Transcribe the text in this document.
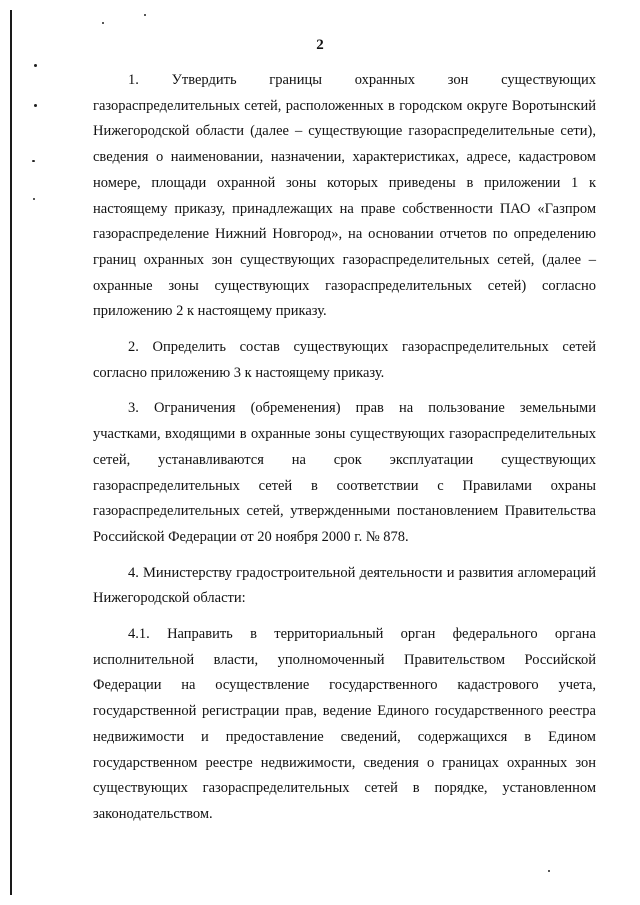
2

1. Утвердить границы охранных зон существующих газораспределительных сетей, расположенных в городском округе Воротынский Нижегородской области (далее – существующие газораспределительные сети), сведения о наименовании, назначении, характеристиках, адресе, кадастровом номере, площади охранной зоны которых приведены в приложении 1 к настоящему приказу, принадлежащих на праве собственности ПАО «Газпром газораспределение Нижний Новгород», на основании отчетов по определению границ охранных зон существующих газораспределительных сетей, (далее – охранные зоны существующих газораспределительных сетей) согласно приложению 2 к настоящему приказу.

2. Определить состав существующих газораспределительных сетей согласно приложению 3 к настоящему приказу.

3. Ограничения (обременения) прав на пользование земельными участками, входящими в охранные зоны существующих газораспределительных сетей, устанавливаются на срок эксплуатации существующих газораспределительных сетей в соответствии с Правилами охраны газораспределительных сетей, утвержденными постановлением Правительства Российской Федерации от 20 ноября 2000 г. № 878.

4. Министерству градостроительной деятельности и развития агломераций Нижегородской области:

4.1. Направить в территориальный орган федерального органа исполнительной власти, уполномоченный Правительством Российской Федерации на осуществление государственного кадастрового учета, государственной регистрации прав, ведение Единого государственного реестра недвижимости и предоставление сведений, содержащихся в Едином государственном реестре недвижимости, сведения о границах охранных зон существующих газораспределительных сетей в порядке, установленном законодательством.
